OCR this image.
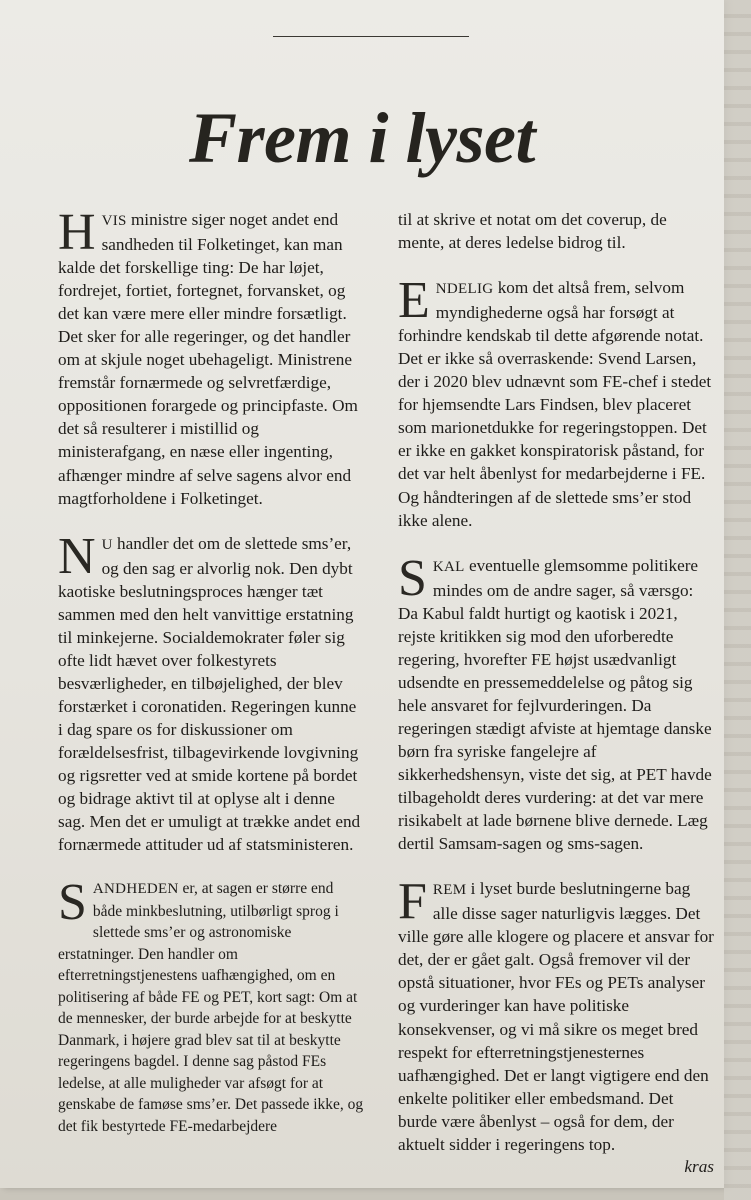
Frem i lyset

HVIS ministre siger noget andet end sandheden til Folketinget, kan man kalde det forskellige ting: De har løjet, fordrejet, fortiet, fortegnet, forvansket, og det kan være mere eller mindre forsætligt. Det sker for alle regeringer, og det handler om at skjule noget ubehageligt. Ministrene fremstår fornærmede og selvretfærdige, oppositionen forargede og principfaste. Om det så resulterer i mistillid og ministerafgang, en næse eller ingenting, afhænger mindre af selve sagens alvor end magtforholdene i Folketinget.

N U handler det om de slettede sms’er, og den sag er alvorlig nok. Den dybt kaotiske beslutningsproces hænger tæt sammen med den helt vanvittige erstatning til minkejerne. Socialdemokrater føler sig ofte lidt hævet over folkestyrets besværligheder, en tilbøjelighed, der blev forstærket i coronatiden. Regeringen kunne i dag spare os for diskussioner om forældelsesfrist, tilbagevirkende lovgivning og rigsretter ved at smide kortene på bordet og bidrage aktivt til at oplyse alt i denne sag. Men det er umuligt at trække andet end fornærmede attituder ud af statsministeren.

SANDHEDEN er, at sagen er større end både minkbeslutning, utilbørligt sprog i slettede sms’er og astronomiske erstatninger. Den handler om efterretningstjenestens uafhængighed, om en politisering af både FE og PET, kort sagt: Om at de mennesker, der burde arbejde for at beskytte Danmark, i højere grad blev sat til at beskytte regeringens bagdel. I denne sag påstod FEs ledelse, at alle muligheder var afsøgt for at genskabe de famøse sms’er. Det passede ikke, og det fik bestyrtede FE-medarbejdere

til at skrive et notat om det coverup, de mente, at deres ledelse bidrog til.

ENDELIG kom det altså frem, selvom myndighederne også har forsøgt at forhindre kendskab til dette afgørende notat. Det er ikke så overraskende: Svend Larsen, der i 2020 blev udnævnt som FE-chef i stedet for hjemsendte Lars Findsen, blev placeret som marionetdukke for regeringstoppen. Det er ikke en gakket konspiratorisk påstand, for det var helt åbenlyst for medarbejderne i FE. Og håndteringen af de slettede sms’er stod ikke alene.

SKAL eventuelle glemsomme politikere mindes om de andre sager, så værsgo: Da Kabul faldt hurtigt og kaotisk i 2021, rejste kritikken sig mod den uforberedte regering, hvorefter FE højst usædvanligt udsendte en pressemeddelelse og påtog sig hele ansvaret for fejlvurderingen. Da regeringen stædigt afviste at hjemtage danske børn fra syriske fangelejre af sikkerhedshensyn, viste det sig, at PET havde tilbageholdt deres vurdering: at det var mere risikabelt at lade børnene blive dernede. Læg dertil Samsam-sagen og sms-sagen.

FREM i lyset burde beslutningerne bag alle disse sager naturligvis lægges. Det ville gøre alle klogere og placere et ansvar for det, der er gået galt. Også fremover vil der opstå situationer, hvor FEs og PETs analyser og vurderinger kan have politiske konsekvenser, og vi må sikre os meget bred respekt for efterretningstjenesternes uafhængighed. Det er langt vigtigere end den enkelte politiker eller embedsmand. Det burde være åbenlyst – også for dem, der aktuelt sidder i regeringens top.

kras
